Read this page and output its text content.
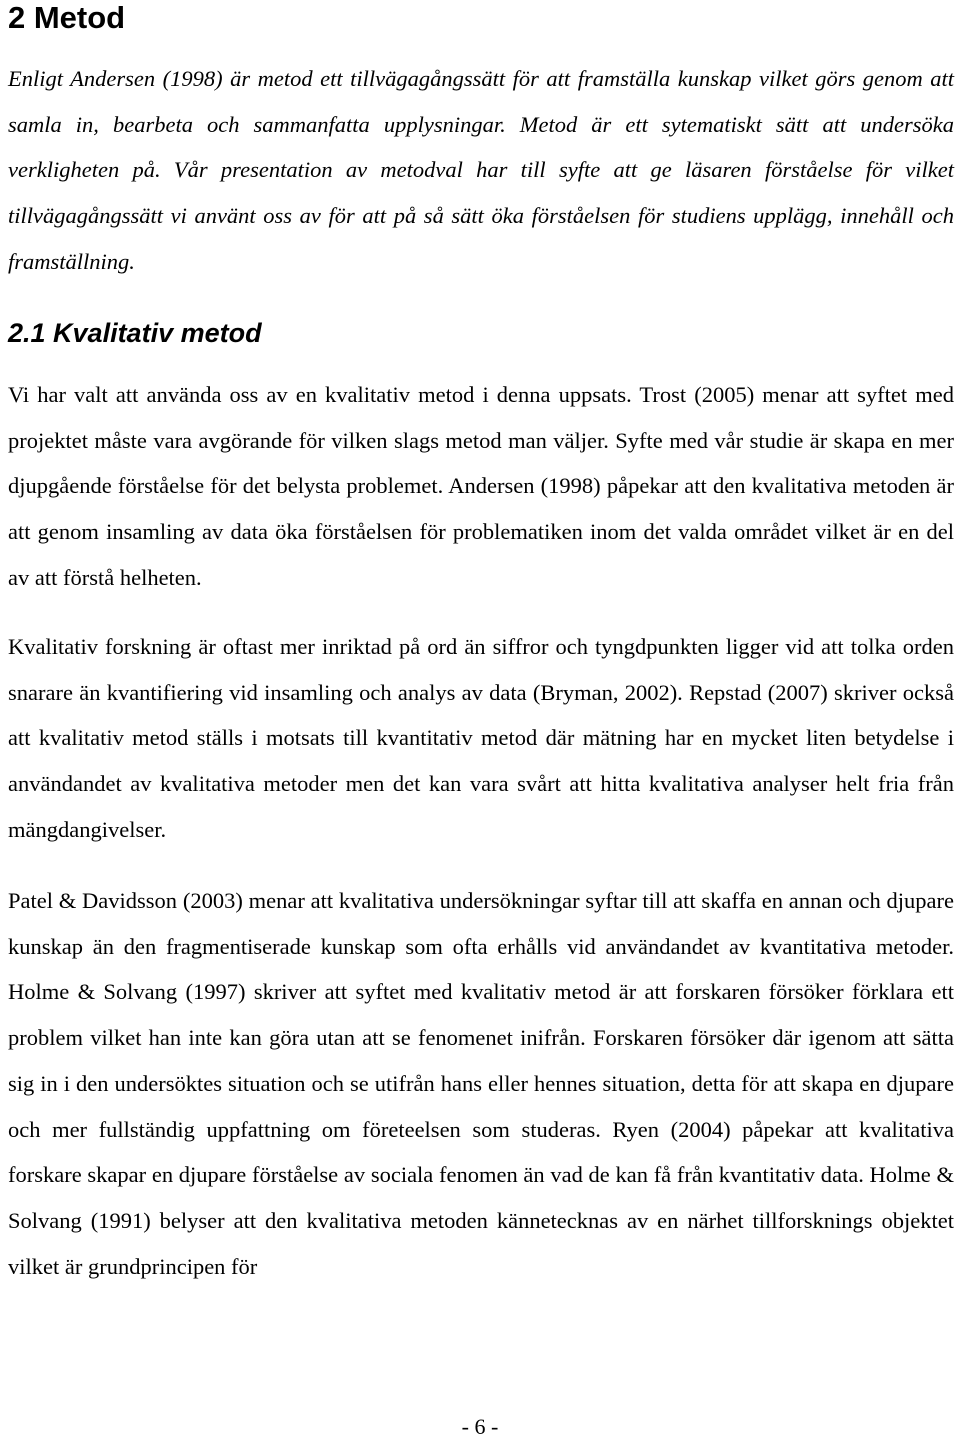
2 Metod

Enligt Andersen (1998) är metod ett tillvägagångssätt för att framställa kunskap vilket görs genom att samla in, bearbeta och sammanfatta upplysningar. Metod är ett sytematiskt sätt att undersöka verkligheten på. Vår presentation av metodval har till syfte att ge läsaren förståelse för vilket tillvägagångssätt vi använt oss av för att på så sätt öka förståelsen för studiens upplägg, innehåll och framställning.

2.1 Kvalitativ metod

Vi har valt att använda oss av en kvalitativ metod i denna uppsats. Trost (2005) menar att syftet med projektet måste vara avgörande för vilken slags metod man väljer. Syfte med vår studie är skapa en mer djupgående förståelse för det belysta problemet. Andersen (1998) påpekar att den kvalitativa metoden är att genom insamling av data öka förståelsen för problematiken inom det valda området vilket är en del av att förstå helheten.

Kvalitativ forskning är oftast mer inriktad på ord än siffror och tyngdpunkten ligger vid att tolka orden snarare än kvantifiering vid insamling och analys av data (Bryman, 2002). Repstad (2007) skriver också att kvalitativ metod ställs i motsats till kvantitativ metod där mätning har en mycket liten betydelse i användandet av kvalitativa metoder men det kan vara svårt att hitta kvalitativa analyser helt fria från mängdangivelser.

Patel & Davidsson (2003) menar att kvalitativa undersökningar syftar till att skaffa en annan och djupare kunskap än den fragmentiserade kunskap som ofta erhålls vid användandet av kvantitativa metoder. Holme & Solvang (1997) skriver att syftet med kvalitativ metod är att forskaren försöker förklara ett problem vilket han inte kan göra utan att se fenomenet inifrån. Forskaren försöker där igenom att sätta sig in i den undersöktes situation och se utifrån hans eller hennes situation, detta för att skapa en djupare och mer fullständig uppfattning om företeelsen som studeras. Ryen (2004) påpekar att kvalitativa forskare skapar en djupare förståelse av sociala fenomen än vad de kan få från kvantitativ data. Holme & Solvang (1991) belyser att den kvalitativa metoden kännetecknas av en närhet tillforsknings objektet vilket är grundprincipen för

- 6 -
